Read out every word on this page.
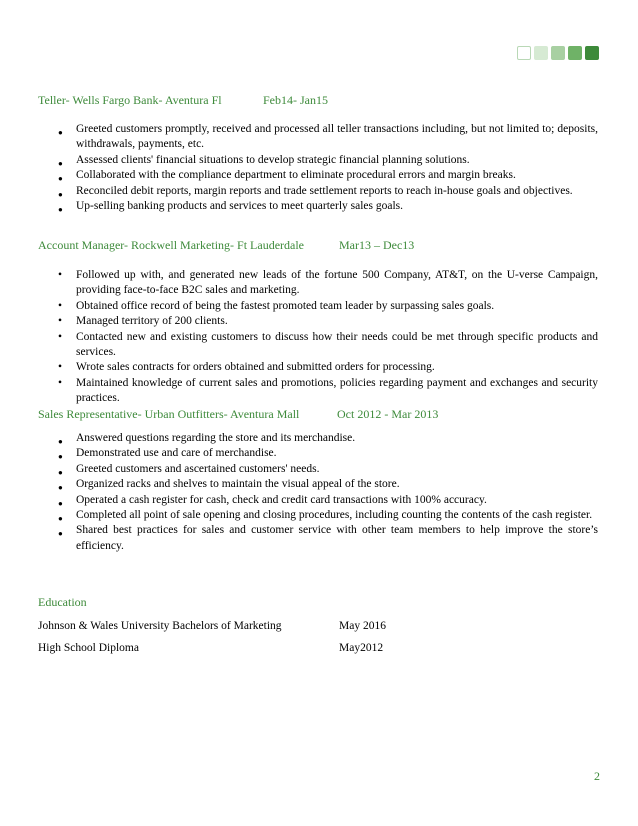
Teller- Wells Fargo Bank- Aventura Fl	Feb14- Jan15
● Greeted customers promptly, received and processed all teller transactions including, but not limited to; deposits, withdrawals, payments, etc.
● Assessed clients' financial situations to develop strategic financial planning solutions.
● Collaborated with the compliance department to eliminate procedural errors and margin breaks.
● Reconciled debit reports, margin reports and trade settlement reports to reach in-house goals and objectives.
● Up-selling banking products and services to meet quarterly sales goals.
Account Manager- Rockwell Marketing- Ft Lauderdale	Mar13 – Dec13
• Followed up with, and generated new leads of the fortune 500 Company, AT&T, on the U-verse Campaign, providing face-to-face B2C sales and marketing.
• Obtained office record of being the fastest promoted team leader by surpassing sales goals.
• Managed territory of 200 clients.
• Contacted new and existing customers to discuss how their needs could be met through specific products and services.
• Wrote sales contracts for orders obtained and submitted orders for processing.
• Maintained knowledge of current sales and promotions, policies regarding payment and exchanges and security practices.
Sales Representative- Urban Outfitters- Aventura Mall	Oct 2012 - Mar 2013
● Answered questions regarding the store and its merchandise.
● Demonstrated use and care of merchandise.
● Greeted customers and ascertained customers' needs.
● Organized racks and shelves to maintain the visual appeal of the store.
● Operated a cash register for cash, check and credit card transactions with 100% accuracy.
● Completed all point of sale opening and closing procedures, including counting the contents of the cash register.
● Shared best practices for sales and customer service with other team members to help improve the store’s efficiency.
Education
Johnson & Wales University Bachelors of Marketing	May 2016
High School Diploma	May2012
2
